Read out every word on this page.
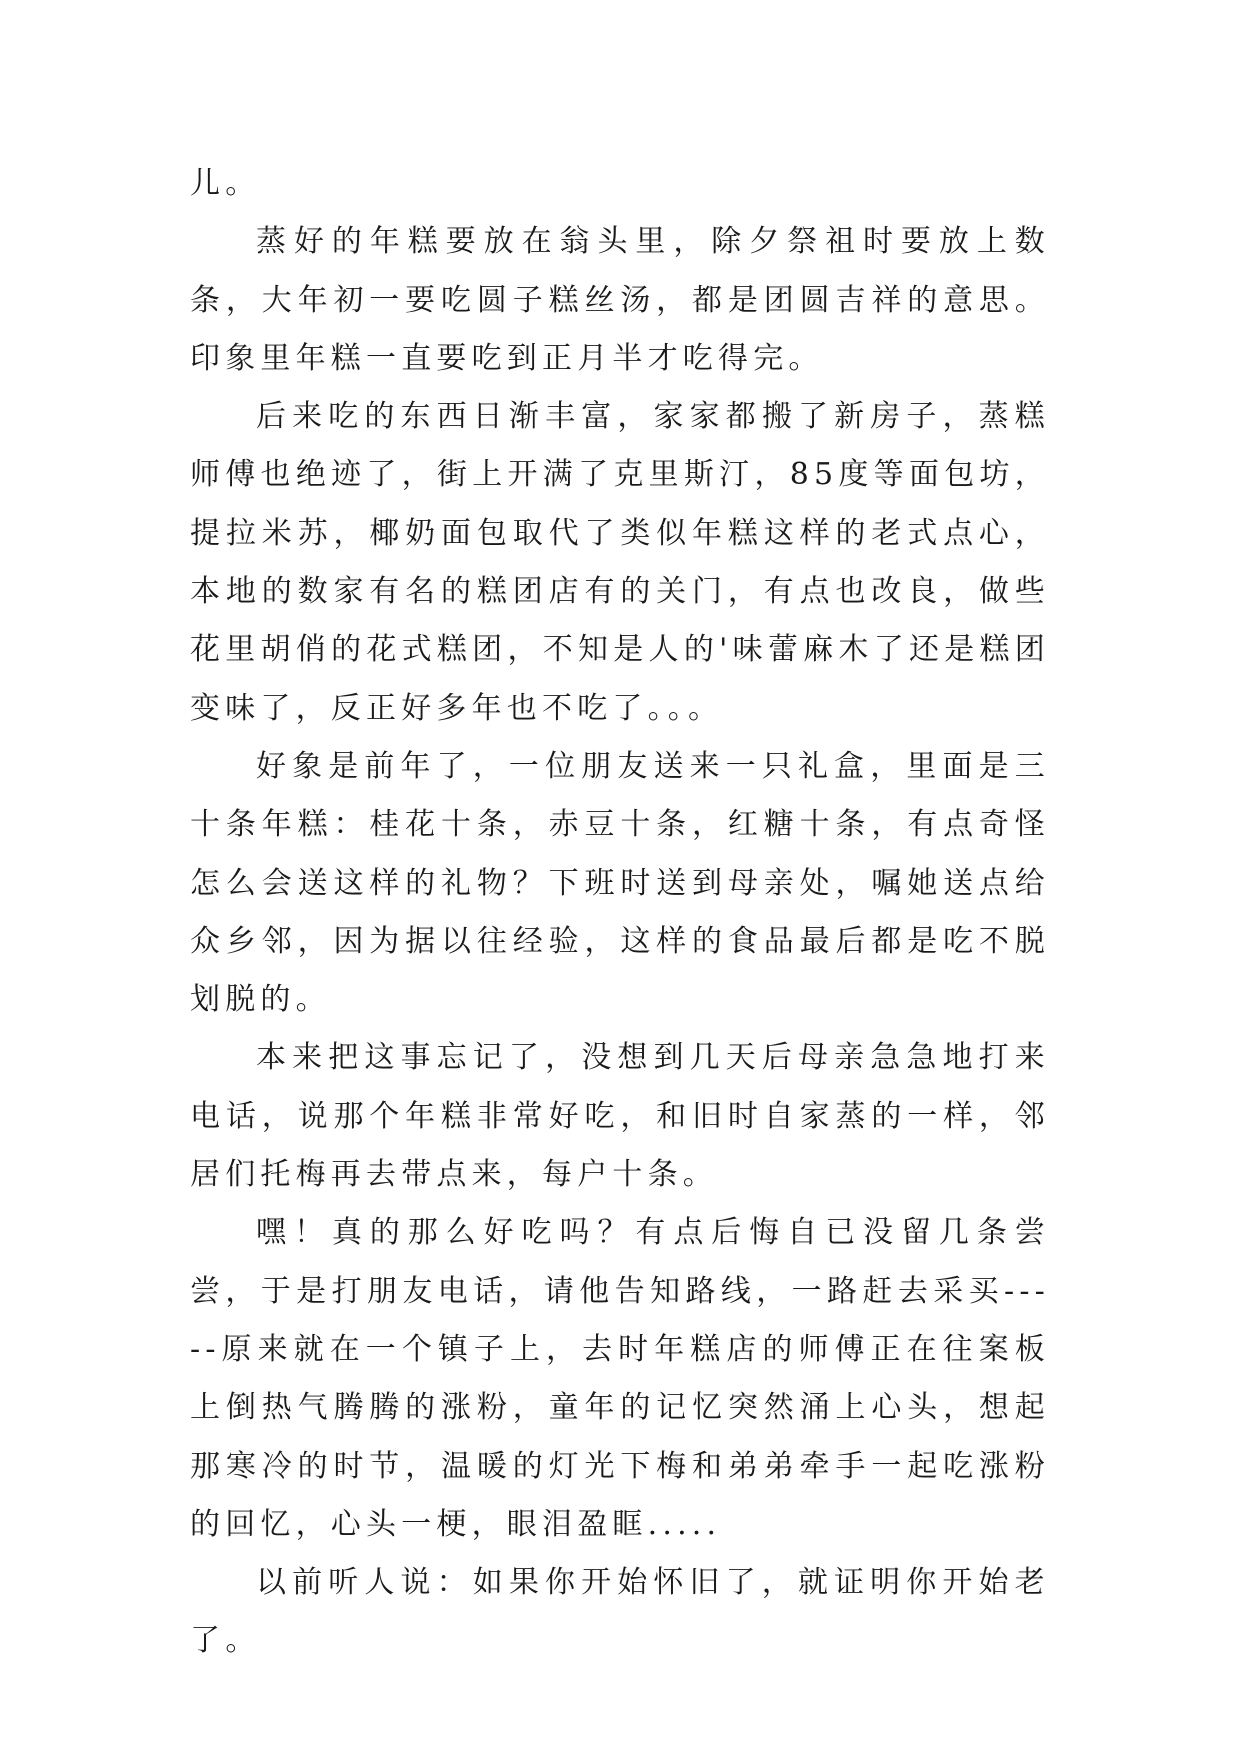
儿。

蒸好的年糕要放在翁头里，除夕祭祖时要放上数条，大年初一要吃圆子糕丝汤，都是团圆吉祥的意思。印象里年糕一直要吃到正月半才吃得完。

后来吃的东西日渐丰富，家家都搬了新房子，蒸糕师傅也绝迹了，街上开满了克里斯汀，85度等面包坊，提拉米苏，椰奶面包取代了类似年糕这样的老式点心，本地的数家有名的糕团店有的关门，有点也改良，做些花里胡俏的花式糕团，不知是人的'味蕾麻木了还是糕团变味了，反正好多年也不吃了。。。

好象是前年了，一位朋友送来一只礼盒，里面是三十条年糕：桂花十条，赤豆十条，红糖十条，有点奇怪怎么会送这样的礼物？下班时送到母亲处，嘱她送点给众乡邻，因为据以往经验，这样的食品最后都是吃不脱划脱的。

本来把这事忘记了，没想到几天后母亲急急地打来电话，说那个年糕非常好吃，和旧时自家蒸的一样，邻居们托梅再去带点来，每户十条。

嘿！真的那么好吃吗？有点后悔自已没留几条尝尝，于是打朋友电话，请他告知路线，一路赶去采买-----原来就在一个镇子上，去时年糕店的师傅正在往案板上倒热气腾腾的涨粉，童年的记忆突然涌上心头，想起那寒冷的时节，温暖的灯光下梅和弟弟牵手一起吃涨粉的回忆，心头一梗，眼泪盈眶.....

以前听人说：如果你开始怀旧了，就证明你开始老了。
